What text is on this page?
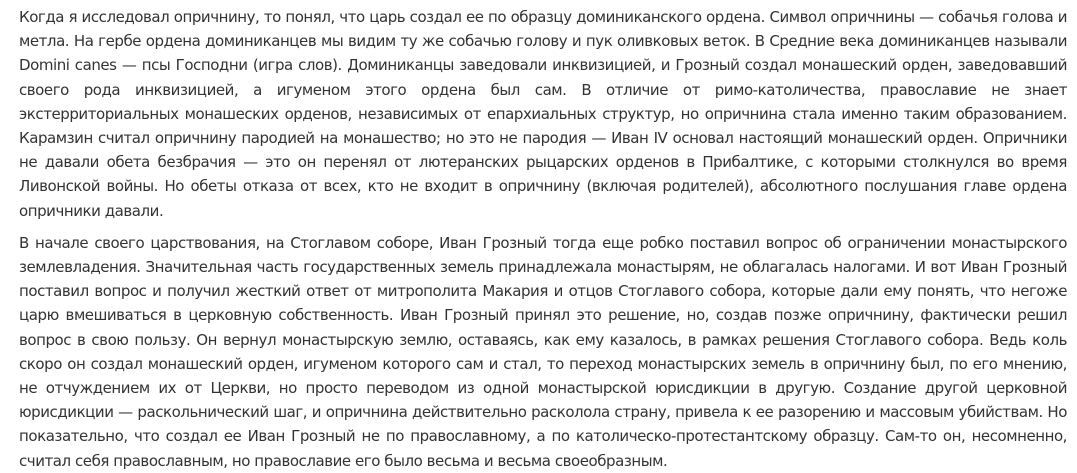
Когда я исследовал опричнину, то понял, что царь создал ее по образцу доминиканского ордена. Символ опричнины — собачья голова и метла. На гербе ордена доминиканцев мы видим ту же собачью голову и пук оливковых веток. В Средние века доминиканцев называли Domini canes — псы Господни (игра слов). Доминиканцы заведовали инквизицией, и Грозный создал монашеский орден, заведовавший своего рода инквизицией, а игуменом этого ордена был сам. В отличие от римо-католичества, православие не знает экстерриториальных монашеских орденов, независимых от епархиальных структур, но опричнина стала именно таким образованием. Карамзин считал опричнину пародией на монашество; но это не пародия — Иван IV основал настоящий монашеский орден. Опричники не давали обета безбрачия — это он перенял от лютеранских рыцарских орденов в Прибалтике, с которыми столкнулся во время Ливонской войны. Но обеты отказа от всех, кто не входит в опричнину (включая родителей), абсолютного послушания главе ордена опричники давали.

В начале своего царствования, на Стоглавом соборе, Иван Грозный тогда еще робко поставил вопрос об ограничении монастырского землевладения. Значительная часть государственных земель принадлежала монастырям, не облагалась налогами. И вот Иван Грозный поставил вопрос и получил жесткий ответ от митрополита Макария и отцов Стоглавого собора, которые дали ему понять, что негоже царю вмешиваться в церковную собственность. Иван Грозный принял это решение, но, создав позже опричнину, фактически решил вопрос в свою пользу. Он вернул монастырскую землю, оставаясь, как ему казалось, в рамках решения Стоглавого собора. Ведь коль скоро он создал монашеский орден, игуменом которого сам и стал, то переход монастырских земель в опричнину был, по его мнению, не отчуждением их от Церкви, но просто переводом из одной монастырской юрисдикции в другую. Создание другой церковной юрисдикции — раскольнический шаг, и опричнина действительно расколола страну, привела к ее разорению и массовым убийствам. Но показательно, что создал ее Иван Грозный не по православному, а по католическо-протестантскому образцу. Сам-то он, несомненно, считал себя православным, но православие его было весьма и весьма своеобразным.
